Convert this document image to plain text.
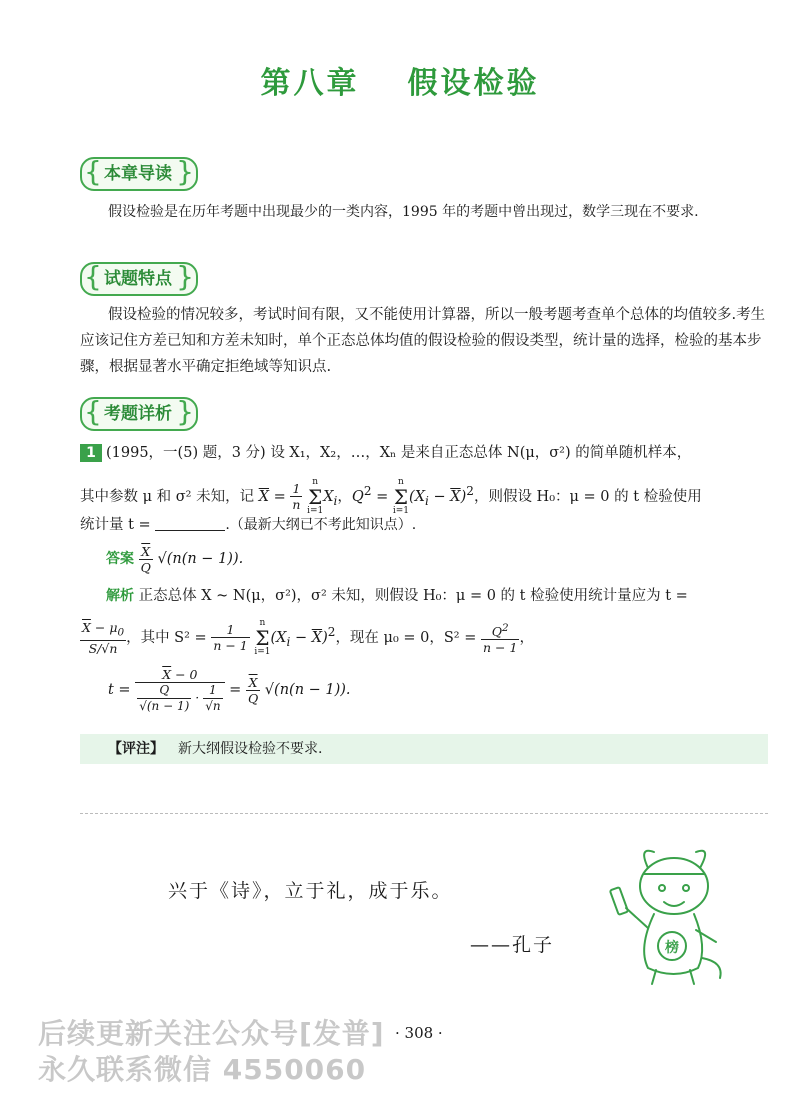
第八章 假设检验
{ 本章导读 }
假设检验是在历年考题中出现最少的一类内容，1995 年的考题中曾出现过，数学三现在不要求.
{ 试题特点 }
假设检验的情况较多，考试时间有限，又不能使用计算器，所以一般考题考查单个总体的均值较多.考生应该记住方差已知和方差未知时，单个正态总体均值的假设检验的假设类型，统计量的选择，检验的基本步骤，根据显著水平确定拒绝域等知识点.
{ 考题详析 }
1 (1995，一(5) 题，3 分) 设 X₁，X₂，…，Xₙ 是来自正态总体 N(μ，σ²) 的简单随机样本，
其中参数 μ 和 σ² 未知，记 $\overline{X} = \frac{1}{n}$ n
Σ
$i=1X_i$，$Q^2 = n$
Σ
$i=1(X_i - \overline{X})^2$，则假设 H₀：μ = 0 的 t 检验使用
统计量 t =	.（最新大纲已不考此知识点）.
答案 $\frac{\overline{X}}{Q} √(n(n - 1))$.
解析 正态总体 X ~ N(μ，σ²)，σ² 未知，则假设 H₀：μ = 0 的 t 检验使用统计量应为 t =
$\frac{\overline{X} - \mu_0}{S/√n}$ ，其中 $S^2 = \frac{1}{n - 1}$ n
Σ
$i=1(X_i - \overline{X})^2$，现在 μ₀ = 0，$S^2 = \frac{Q^2}{n - 1}$ ，
$t = \frac{\overline{X} - 0}{\frac{Q}{√(n - 1)} \cdot \frac{1}{√n}} = \frac{\overline{X}}{Q} √(n(n - 1))$.
【评注】 新大纲假设检验不要求.
兴于《诗》，立于礼，成于乐。
——孔子	榜
· 308 ·
后续更新关注公众号[发普]
永久联系微信 4550060
